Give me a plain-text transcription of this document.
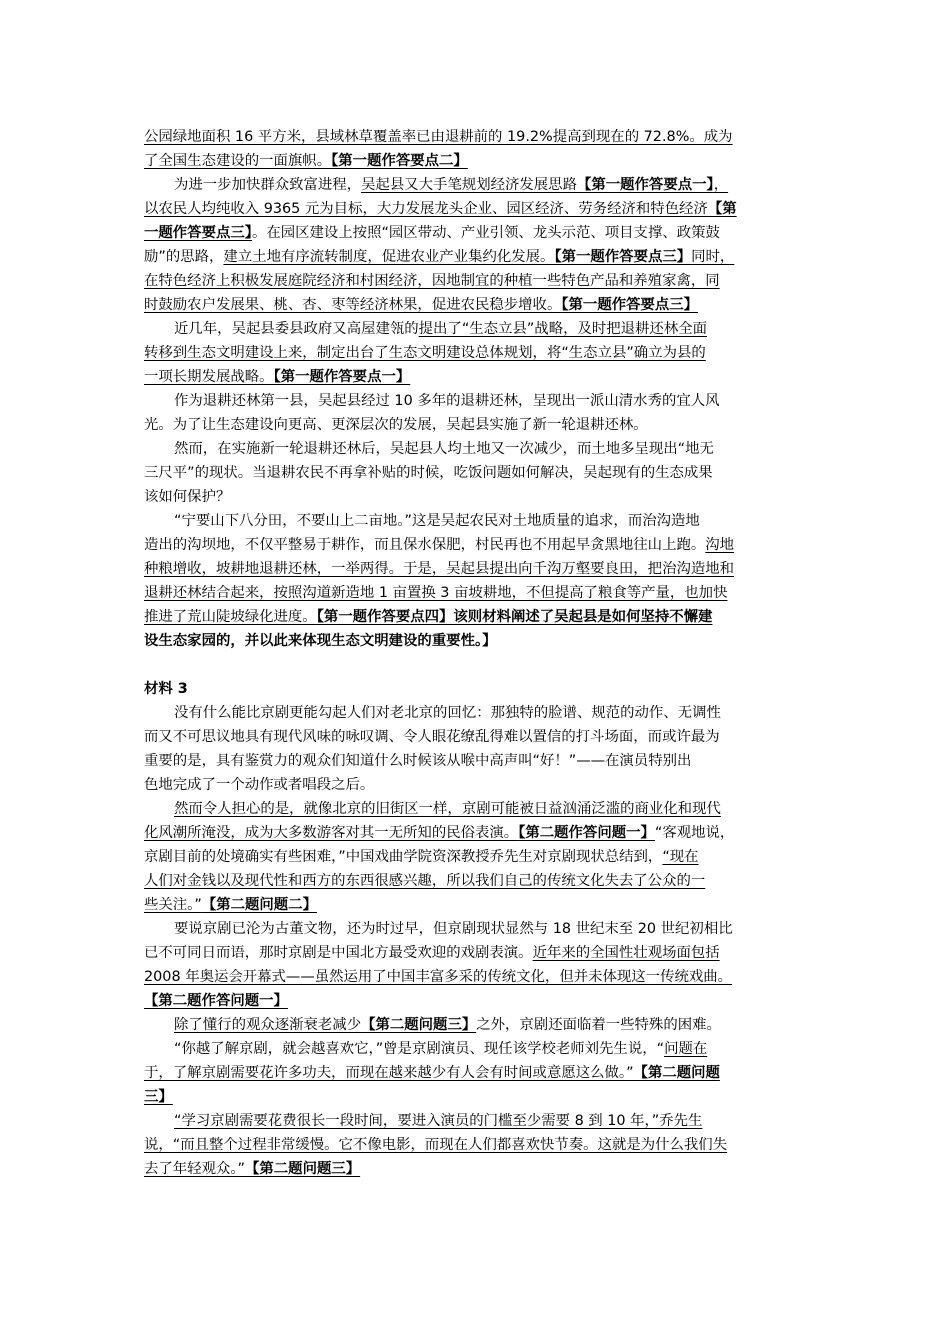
公园绿地面积 16 平方米，县域林草覆盖率已由退耕前的 19.2%提高到现在的 72.8%。成为
了全国生态建设的一面旗帜。【第一题作答要点二】
为进一步加快群众致富进程，吴起县又大手笔规划经济发展思路【第一题作答要点一】，
以农民人均纯收入 9365 元为目标，大力发展龙头企业、园区经济、劳务经济和特色经济【第
一题作答要点三】。在园区建设上按照“园区带动、产业引领、龙头示范、项目支撑、政策鼓
励”的思路，建立土地有序流转制度，促进农业产业集约化发展。【第一题作答要点三】同时，
在特色经济上积极发展庭院经济和村困经济，因地制宜的种植一些特色产品和养殖家禽，同
时鼓励农户发展果、桃、杏、枣等经济林果，促进农民稳步增收。【第一题作答要点三】
近几年，吴起县委县政府又高屋建瓴的提出了“生态立县”战略，及时把退耕还林全面
转移到生态文明建设上来，制定出台了生态文明建设总体规划，将“生态立县”确立为县的
一项长期发展战略。【第一题作答要点一】
作为退耕还林第一县，吴起县经过 10 多年的退耕还林，呈现出一派山清水秀的宜人风
光。为了让生态建设向更高、更深层次的发展，吴起县实施了新一轮退耕还林。
然而，在实施新一轮退耕还林后，吴起县人均土地又一次减少，而土地多呈现出“地无
三尺平”的现状。当退耕农民不再拿补贴的时候，吃饭问题如何解决，吴起现有的生态成果
该如何保护？
“宁要山下八分田，不要山上二亩地。”这是吴起农民对土地质量的追求，而治沟造地
造出的沟坝地，不仅平整易于耕作，而且保水保肥，村民再也不用起早贪黑地往山上跑。沟地
种粮增收，坡耕地退耕还林，一举两得。于是，吴起县提出向千沟万壑要良田，把治沟造地和
退耕还林结合起来，按照沟道新造地 1 亩置换 3 亩坡耕地，不但提高了粮食等产量，也加快
推进了荒山陡坡绿化进度。【第一题作答要点四】该则材料阐述了吴起县是如何坚持不懈建
设生态家园的，并以此来体现生态文明建设的重要性。】
材料 3
没有什么能比京剧更能勾起人们对老北京的回忆：那独特的脸谱、规范的动作、无调性
而又不可思议地具有现代风味的咏叹调、令人眼花缭乱得难以置信的打斗场面，而或许最为
重要的是，具有鉴赏力的观众们知道什么时候该从喉中高声叫“好！”——在演员特别出
色地完成了一个动作或者唱段之后。
然而令人担心的是，就像北京的旧街区一样，京剧可能被日益汹涌泛滥的商业化和现代
化风潮所淹没，成为大多数游客对其一无所知的民俗表演。【第二题作答问题一】“客观地说，
京剧目前的处境确实有些困难，”中国戏曲学院资深教授乔先生对京剧现状总结到，“现在
人们对金钱以及现代性和西方的东西很感兴趣，所以我们自己的传统文化失去了公众的一
些关注。”【第二题问题二】
要说京剧已沦为古董文物，还为时过早，但京剧现状显然与 18 世纪末至 20 世纪初相比
已不可同日而语，那时京剧是中国北方最受欢迎的戏剧表演。近年来的全国性壮观场面包括
2008 年奥运会开幕式——虽然运用了中国丰富多采的传统文化，但并未体现这一传统戏曲。
【第二题作答问题一】
除了懂行的观众逐渐衰老减少【第二题问题三】之外，京剧还面临着一些特殊的困难。
“你越了解京剧，就会越喜欢它，”曾是京剧演员、现任该学校老师刘先生说，“问题在
于，了解京剧需要花许多功夫，而现在越来越少有人会有时间或意愿这么做。”【第二题问题
三】
“学习京剧需要花费很长一段时间，要进入演员的门槛至少需要 8 到 10 年，”乔先生
说，“而且整个过程非常缓慢。它不像电影，而现在人们都喜欢快节奏。这就是为什么我们失
去了年轻观众。”【第二题问题三】
